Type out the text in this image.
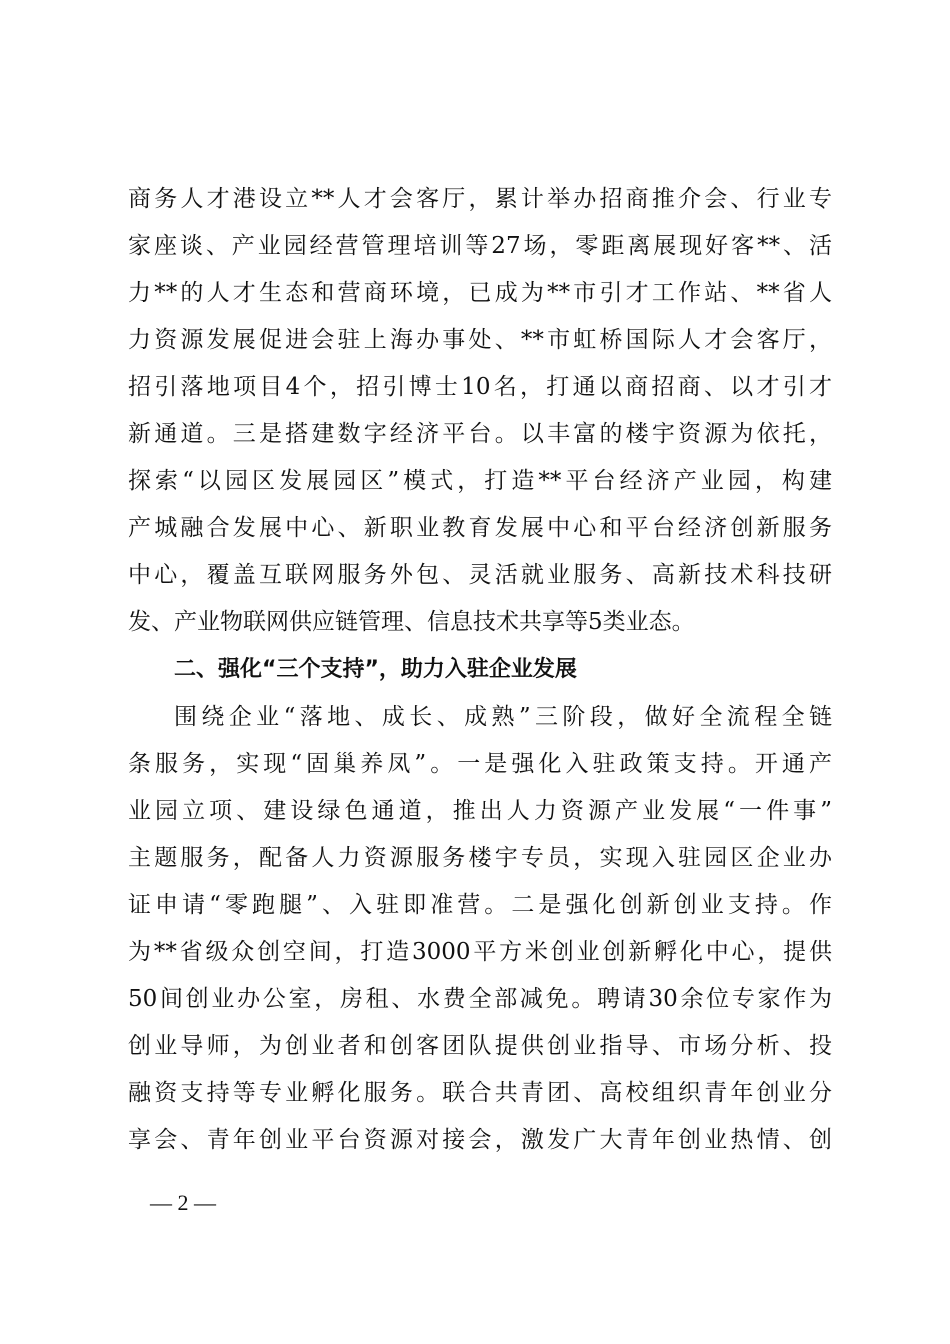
商务人才港设立**人才会客厅，累计举办招商推介会、行业专
家座谈、产业园经营管理培训等27场，零距离展现好客**、活
力**的人才生态和营商环境，已成为**市引才工作站、**省人
力资源发展促进会驻上海办事处、**市虹桥国际人才会客厅，
招引落地项目4个，招引博士10名，打通以商招商、以才引才
新通道。三是搭建数字经济平台。以丰富的楼宇资源为依托，
探索“以园区发展园区”模式，打造**平台经济产业园，构建
产城融合发展中心、新职业教育发展中心和平台经济创新服务
中心，覆盖互联网服务外包、灵活就业服务、高新技术科技研
发、产业物联网供应链管理、信息技术共享等5类业态。
二、强化“三个支持”，助力入驻企业发展
围绕企业“落地、成长、成熟”三阶段，做好全流程全链
条服务，实现“固巢养凤”。一是强化入驻政策支持。开通产
业园立项、建设绿色通道，推出人力资源产业发展“一件事”
主题服务，配备人力资源服务楼宇专员，实现入驻园区企业办
证申请“零跑腿”、入驻即准营。二是强化创新创业支持。作
为**省级众创空间，打造3000平方米创业创新孵化中心，提供
50间创业办公室，房租、水费全部减免。聘请30余位专家作为
创业导师，为创业者和创客团队提供创业指导、市场分析、投
融资支持等专业孵化服务。联合共青团、高校组织青年创业分
享会、青年创业平台资源对接会，激发广大青年创业热情、创
— 2 —
